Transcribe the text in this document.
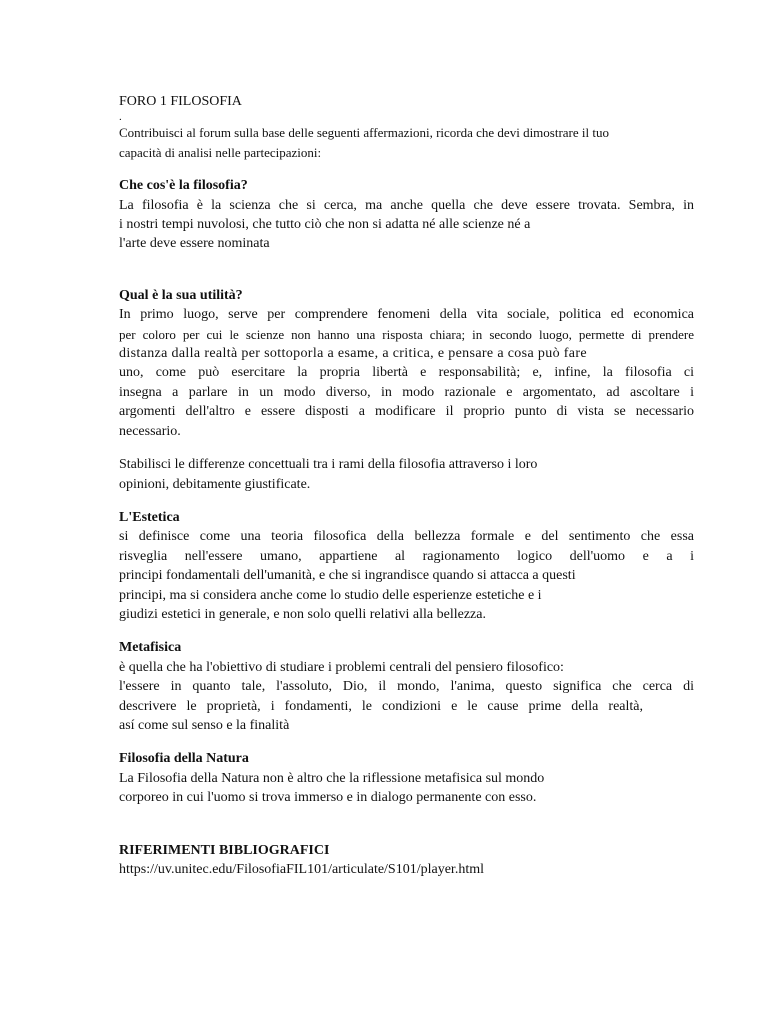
FORO 1 FILOSOFIA
.
Contribuisci al forum sulla base delle seguenti affermazioni, ricorda che devi dimostrare il tuo
capacità di analisi nelle partecipazioni:
Che cos'è la filosofia?
La filosofia è la scienza che si cerca, ma anche quella che deve essere trovata. Sembra, in
i nostri tempi nuvolosi, che tutto ciò che non si adatta né alle scienze né a
l'arte deve essere nominata
Qual è la sua utilità?
In primo luogo, serve per comprendere fenomeni della vita sociale, politica ed economica
per coloro per cui le scienze non hanno una risposta chiara; in secondo luogo, permette di prendere
distanza dalla realtà per sottoporla a esame, a critica, e pensare a cosa può fare
uno, come può esercitare la propria libertà e responsabilità; e, infine, la filosofia ci
insegna a parlare in un modo diverso, in modo razionale e argomentato, ad ascoltare i
argomenti dell'altro e essere disposti a modificare il proprio punto di vista se necessario
necessario.
Stabilisci le differenze concettuali tra i rami della filosofia attraverso i loro
opinioni, debitamente giustificate.
L'Estetica
si definisce come una teoria filosofica della bellezza formale e del sentimento che essa
risveglia nell'essere umano, appartiene al ragionamento logico dell'uomo e a i
principi fondamentali dell'umanità, e che si ingrandisce quando si attacca a questi
principi, ma si considera anche come lo studio delle esperienze estetiche e i
giudizi estetici in generale, e non solo quelli relativi alla bellezza.
Metafisica
è quella che ha l'obiettivo di studiare i problemi centrali del pensiero filosofico:
l'essere in quanto tale, l'assoluto, Dio, il mondo, l'anima, questo significa che cerca di
descrivere le proprietà, i fondamenti, le condizioni e le cause prime della realtà,
así come sul senso e la finalità
Filosofia della Natura
La Filosofia della Natura non è altro che la riflessione metafisica sul mondo
corporeo in cui l'uomo si trova immerso e in dialogo permanente con esso.
RIFERIMENTI BIBLIOGRAFICI
https://uv.unitec.edu/FilosofiaFIL101/articulate/S101/player.html
